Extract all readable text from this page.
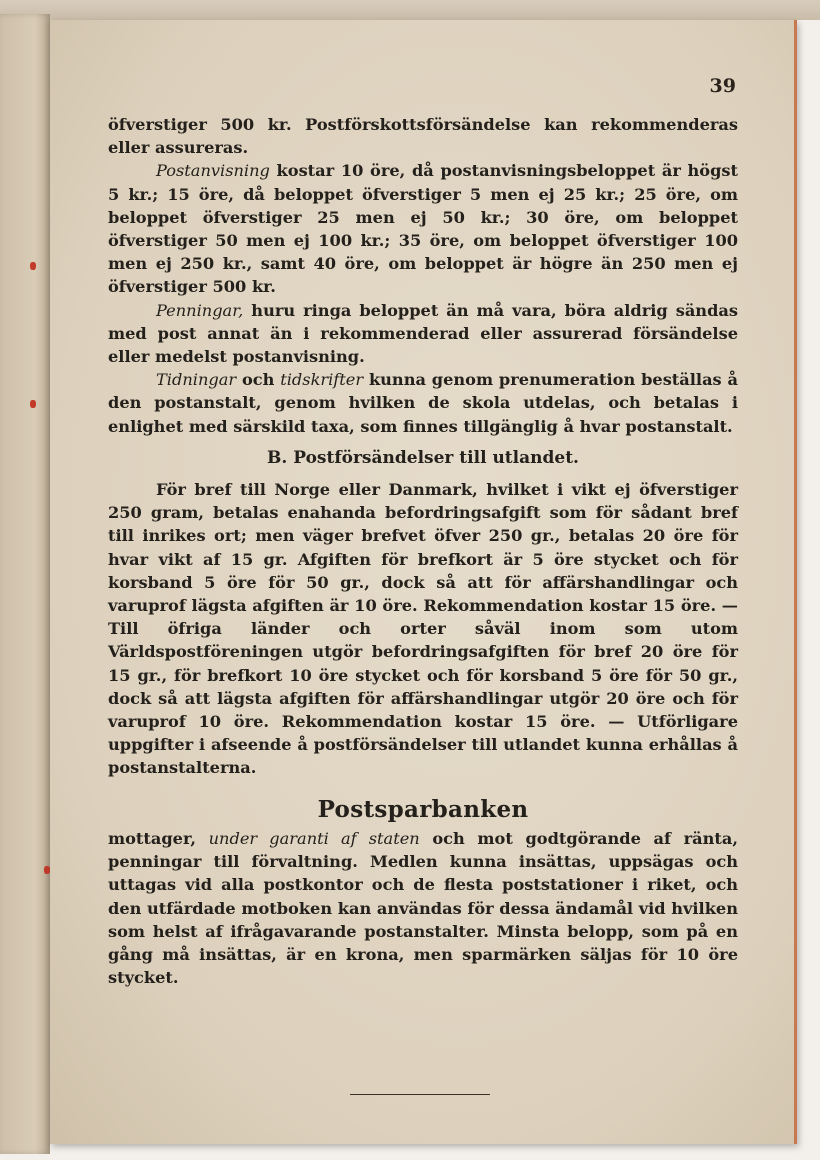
39

öfverstiger 500 kr. Postförskottsförsändelse kan rekommenderas eller assureras.

Postanvisning kostar 10 öre, då postanvisningsbeloppet är högst 5 kr.; 15 öre, då beloppet öfverstiger 5 men ej 25 kr.; 25 öre, om beloppet öfverstiger 25 men ej 50 kr.; 30 öre, om beloppet öfverstiger 50 men ej 100 kr.; 35 öre, om beloppet öfverstiger 100 men ej 250 kr., samt 40 öre, om beloppet är högre än 250 men ej öfverstiger 500 kr.

Penningar, huru ringa beloppet än må vara, böra aldrig sändas med post annat än i rekommenderad eller assurerad försändelse eller medelst postanvisning.

Tidningar och tidskrifter kunna genom prenumeration beställas å den postanstalt, genom hvilken de skola utdelas, och betalas i enlighet med särskild taxa, som finnes tillgänglig å hvar postanstalt.

B. Postförsändelser till utlandet.

För bref till Norge eller Danmark, hvilket i vikt ej öfverstiger 250 gram, betalas enahanda befordringsafgift som för sådant bref till inrikes ort; men väger brefvet öfver 250 gr., betalas 20 öre för hvar vikt af 15 gr. Afgiften för brefkort är 5 öre stycket och för korsband 5 öre för 50 gr., dock så att för affärshandlingar och varuprof lägsta afgiften är 10 öre. Rekommendation kostar 15 öre. — Till öfriga länder och orter såväl inom som utom Världspostföreningen utgör befordringsafgiften för bref 20 öre för 15 gr., för brefkort 10 öre stycket och för korsband 5 öre för 50 gr., dock så att lägsta afgiften för affärshandlingar utgör 20 öre och för varuprof 10 öre. Rekommendation kostar 15 öre. — Utförligare uppgifter i afseende å postförsändelser till utlandet kunna erhållas å postanstalterna.

Postsparbanken

mottager, under garanti af staten och mot godtgörande af ränta, penningar till förvaltning. Medlen kunna insättas, uppsägas och uttagas vid alla postkontor och de flesta poststationer i riket, och den utfärdade motboken kan användas för dessa ändamål vid hvilken som helst af ifrågavarande postanstalter. Minsta belopp, som på en gång må insättas, är en krona, men sparmärken säljas för 10 öre stycket.
